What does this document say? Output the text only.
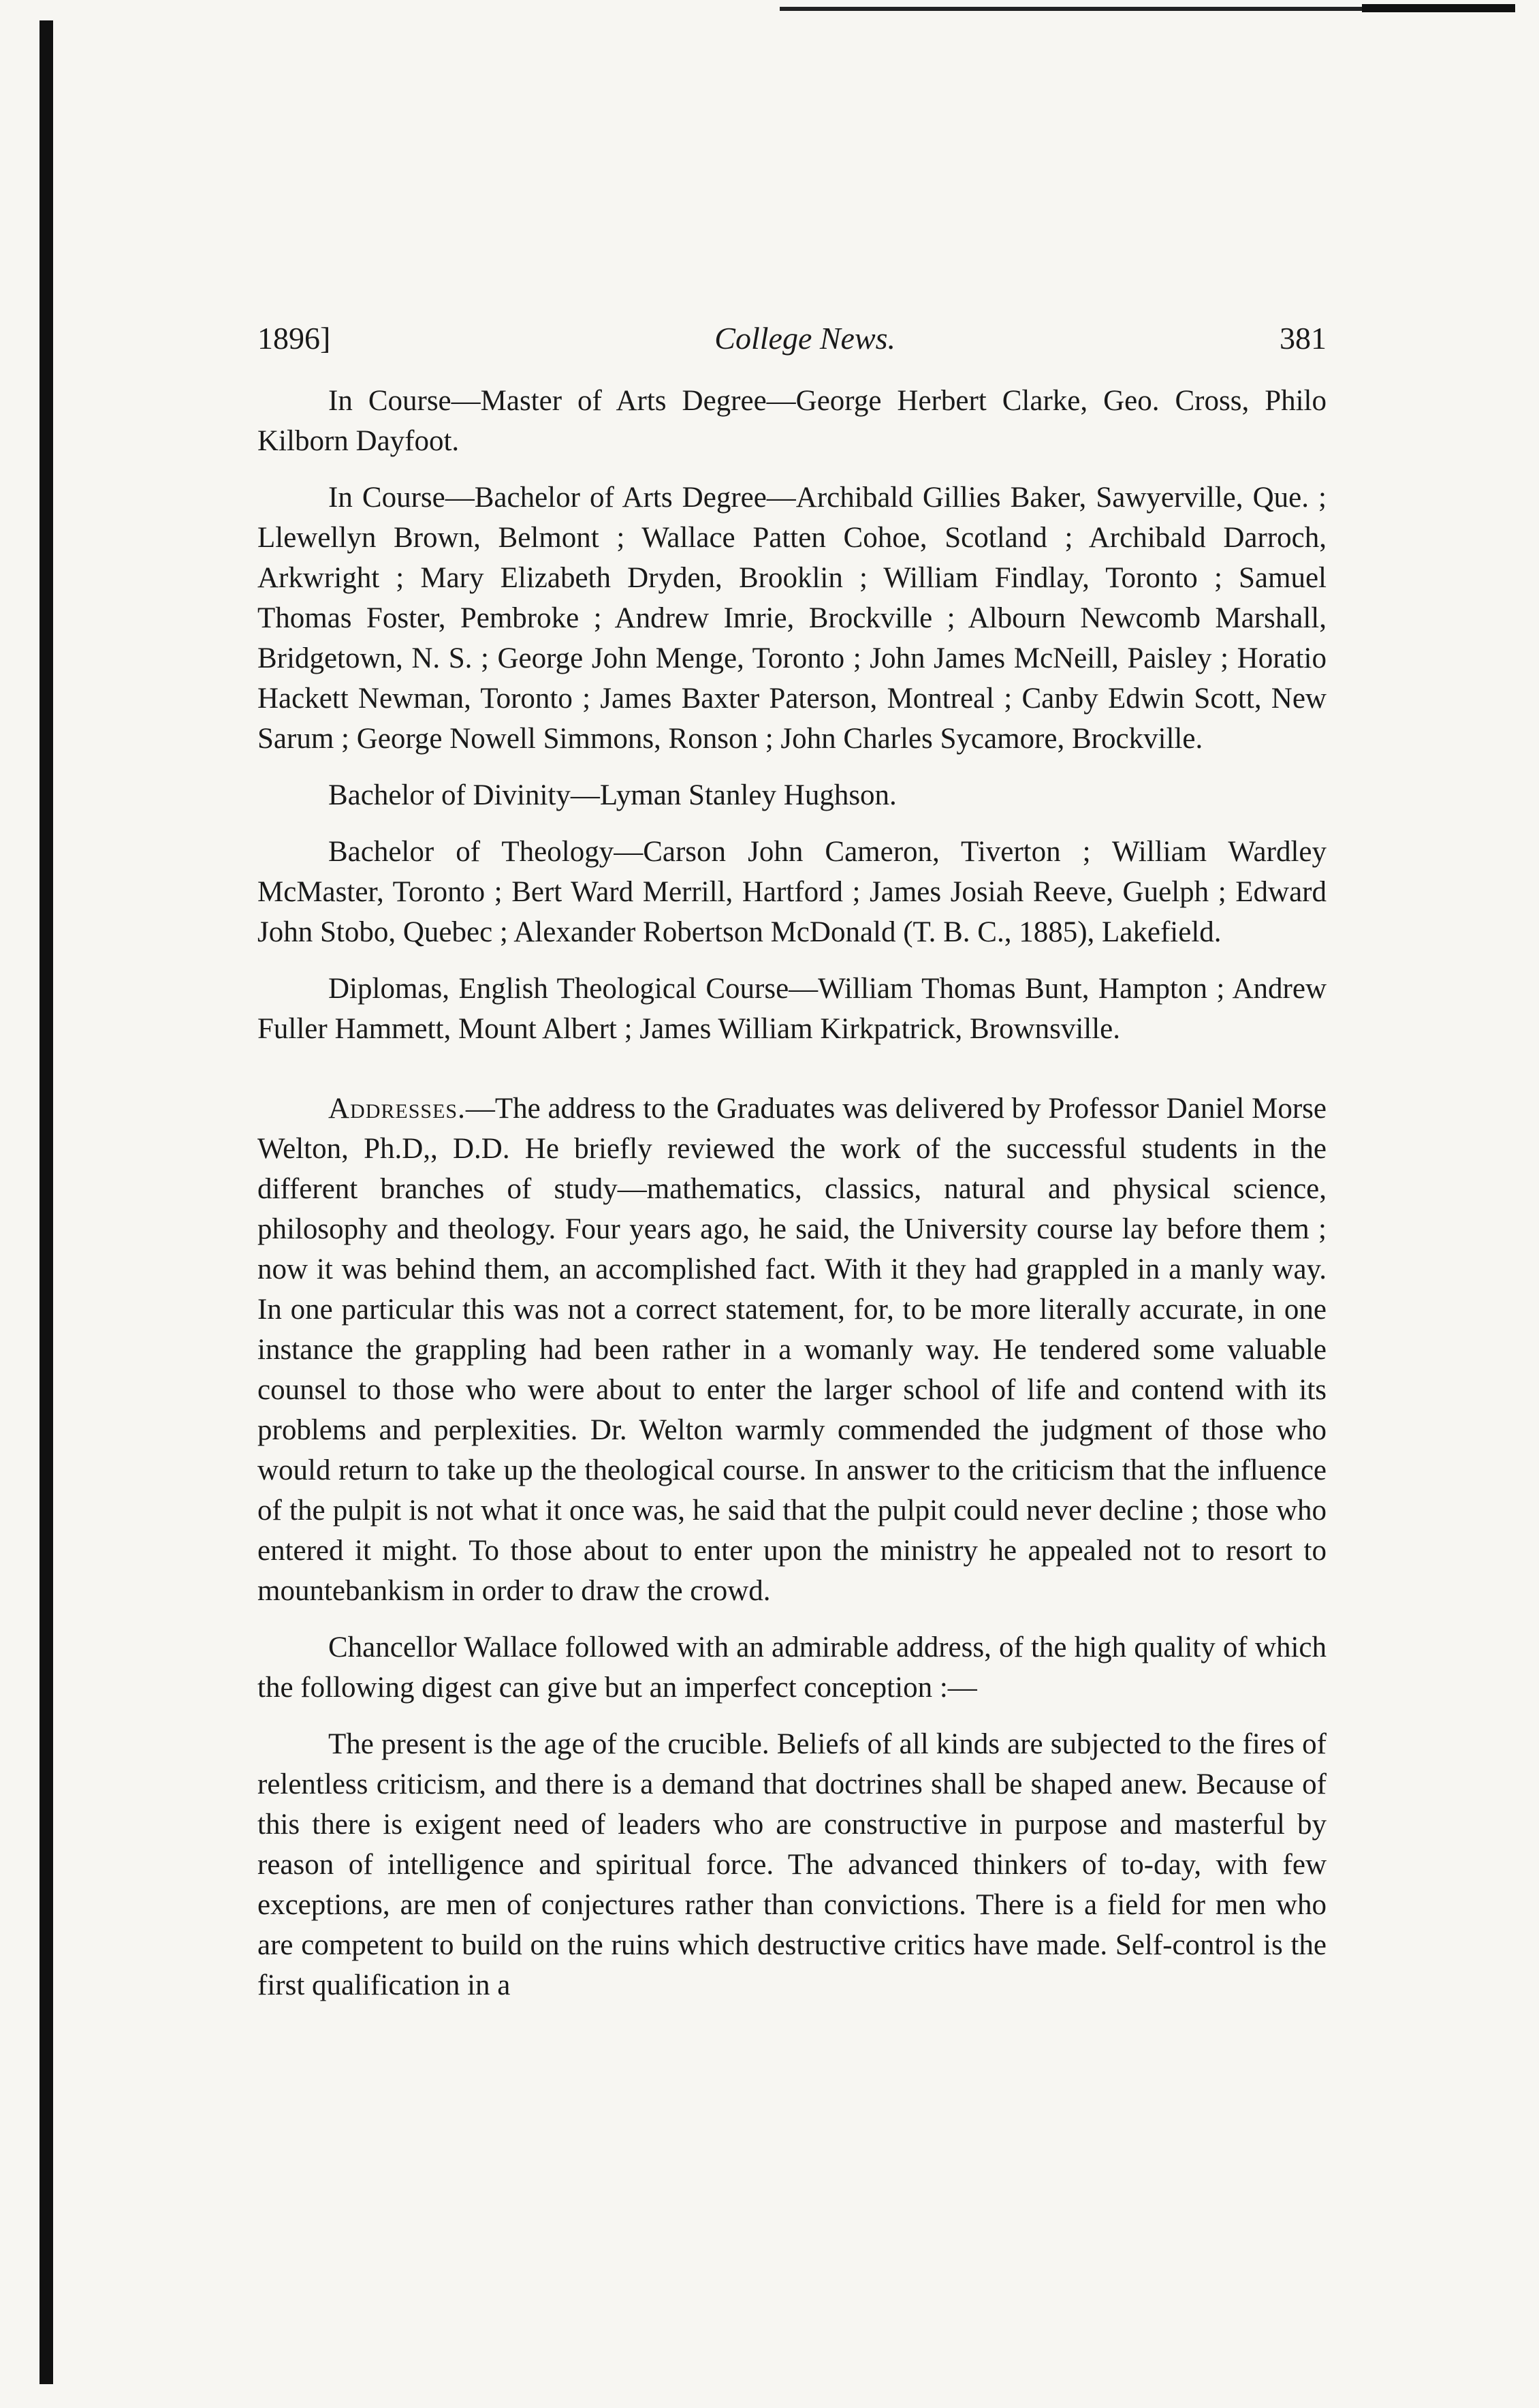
1896]	College News.	381

In Course—Master of Arts Degree—George Herbert Clarke, Geo. Cross, Philo Kilborn Dayfoot.

In Course—Bachelor of Arts Degree—Archibald Gillies Baker, Sawyerville, Que. ; Llewellyn Brown, Belmont ; Wallace Patten Cohoe, Scotland ; Archibald Darroch, Arkwright ; Mary Elizabeth Dryden, Brooklin ; William Findlay, Toronto ; Samuel Thomas Foster, Pembroke ; Andrew Imrie, Brockville ; Albourn Newcomb Marshall, Bridgetown, N. S. ; George John Menge, Toronto ; John James McNeill, Paisley ; Horatio Hackett Newman, Toronto ; James Baxter Paterson, Montreal ; Canby Edwin Scott, New Sarum ; George Nowell Simmons, Ronson ; John Charles Sycamore, Brockville.

Bachelor of Divinity—Lyman Stanley Hughson.

Bachelor of Theology—Carson John Cameron, Tiverton ; William Wardley McMaster, Toronto ; Bert Ward Merrill, Hartford ; James Josiah Reeve, Guelph ; Edward John Stobo, Quebec ; Alexander Robertson McDonald (T. B. C., 1885), Lakefield.

Diplomas, English Theological Course—William Thomas Bunt, Hampton ; Andrew Fuller Hammett, Mount Albert ; James William Kirkpatrick, Brownsville.

Addresses.—The address to the Graduates was delivered by Professor Daniel Morse Welton, Ph.D,, D.D. He briefly reviewed the work of the successful students in the different branches of study—mathematics, classics, natural and physical science, philosophy and theology. Four years ago, he said, the University course lay before them ; now it was behind them, an accomplished fact. With it they had grappled in a manly way. In one particular this was not a correct statement, for, to be more literally accurate, in one instance the grappling had been rather in a womanly way. He tendered some valuable counsel to those who were about to enter the larger school of life and contend with its problems and perplexities. Dr. Welton warmly commended the judgment of those who would return to take up the theological course. In answer to the criticism that the influence of the pulpit is not what it once was, he said that the pulpit could never decline ; those who entered it might. To those about to enter upon the ministry he appealed not to resort to mountebankism in order to draw the crowd.

Chancellor Wallace followed with an admirable address, of the high quality of which the following digest can give but an imperfect conception :—

The present is the age of the crucible. Beliefs of all kinds are subjected to the fires of relentless criticism, and there is a demand that doctrines shall be shaped anew. Because of this there is exigent need of leaders who are constructive in purpose and masterful by reason of intelligence and spiritual force. The advanced thinkers of to-day, with few exceptions, are men of conjectures rather than convictions. There is a field for men who are competent to build on the ruins which destructive critics have made. Self-control is the first qualification in a
